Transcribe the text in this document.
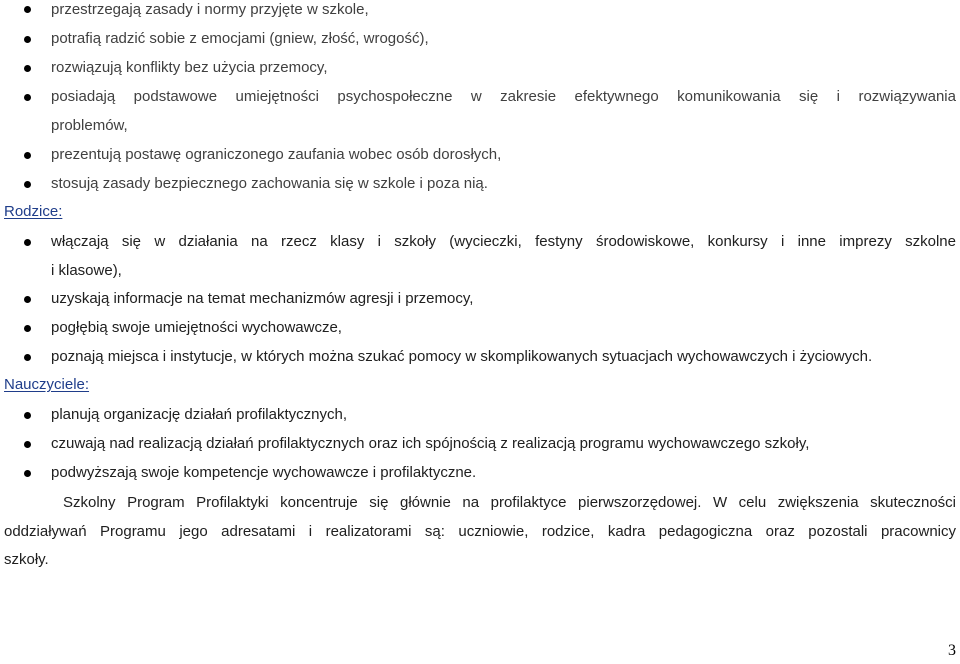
przestrzegają zasady i normy przyjęte w szkole,
potrafią radzić sobie z emocjami (gniew, złość, wrogość),
rozwiązują konflikty bez użycia przemocy,
posiadają podstawowe umiejętności psychospołeczne w zakresie efektywnego komunikowania się i rozwiązywania
problemów,
prezentują postawę ograniczonego zaufania wobec osób dorosłych,
stosują zasady bezpiecznego zachowania się w szkole i poza nią.
Rodzice:
włączają się w działania na rzecz klasy i szkoły (wycieczki, festyny środowiskowe, konkursy i inne imprezy szkolne
i klasowe),
uzyskają informacje na temat mechanizmów agresji i przemocy,
pogłębią swoje umiejętności wychowawcze,
poznają miejsca i instytucje, w których można szukać pomocy w skomplikowanych sytuacjach wychowawczych i życiowych.
Nauczyciele:
planują organizację działań profilaktycznych,
czuwają nad realizacją działań profilaktycznych oraz ich spójnością z realizacją programu wychowawczego szkoły,
podwyższają swoje kompetencje wychowawcze i profilaktyczne.
Szkolny Program Profilaktyki koncentruje się głównie na profilaktyce pierwszorzędowej. W celu zwiększenia skuteczności
oddziaływań Programu jego adresatami i realizatorami są: uczniowie, rodzice, kadra pedagogiczna oraz pozostali pracownicy
szkoły.
3
